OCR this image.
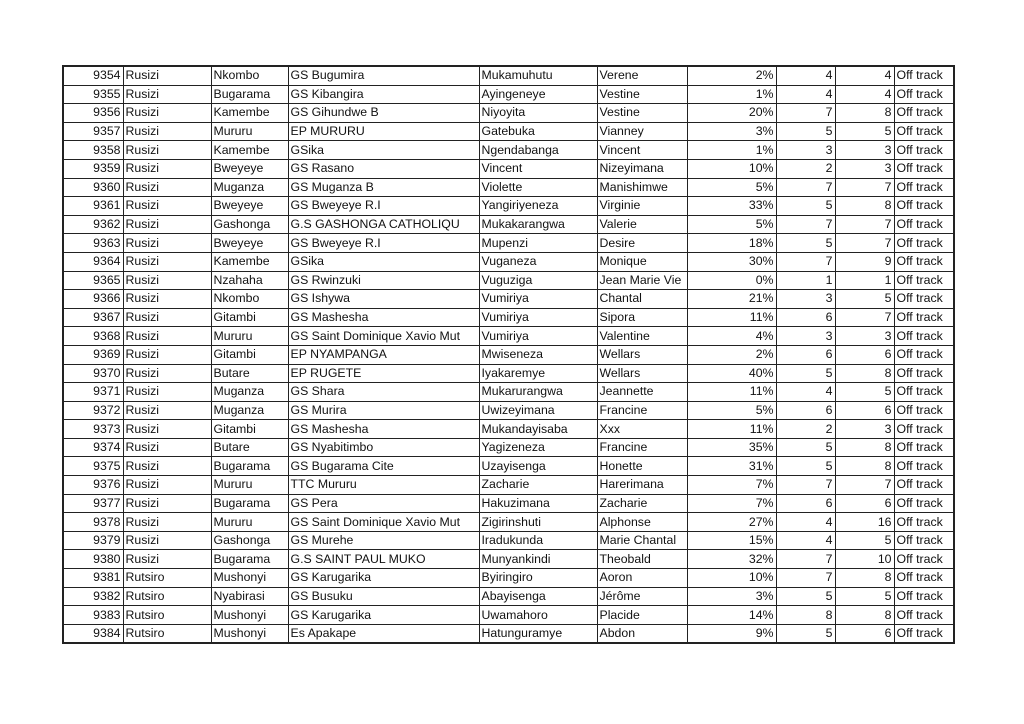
9354	Rusizi	Nkombo	GS Bugumira	Mukamuhutu	Verene	2%	4	4	Off track
9355	Rusizi	Bugarama	GS Kibangira	Ayingeneye	Vestine	1%	4	4	Off track
9356	Rusizi	Kamembe	GS Gihundwe B	Niyoyita	Vestine	20%	7	8	Off track
9357	Rusizi	Mururu	EP MURURU	Gatebuka	Vianney	3%	5	5	Off track
9358	Rusizi	Kamembe	GSika	Ngendabanga	Vincent	1%	3	3	Off track
9359	Rusizi	Bweyeye	GS Rasano	Vincent	Nizeyimana	10%	2	3	Off track
9360	Rusizi	Muganza	GS Muganza B	Violette	Manishimwe	5%	7	7	Off track
9361	Rusizi	Bweyeye	GS Bweyeye R.I	Yangiriyeneza	Virginie	33%	5	8	Off track
9362	Rusizi	Gashonga	G.S GASHONGA CATHOLIQU	Mukakarangwa	Valerie	5%	7	7	Off track
9363	Rusizi	Bweyeye	GS Bweyeye R.I	Mupenzi	Desire	18%	5	7	Off track
9364	Rusizi	Kamembe	GSika	Vuganeza	Monique	30%	7	9	Off track
9365	Rusizi	Nzahaha	GS Rwinzuki	Vuguziga	Jean Marie Vie	0%	1	1	Off track
9366	Rusizi	Nkombo	GS Ishywa	Vumiriya	Chantal	21%	3	5	Off track
9367	Rusizi	Gitambi	GS Mashesha	Vumiriya	Sipora	11%	6	7	Off track
9368	Rusizi	Mururu	GS Saint Dominique Xavio Mut	Vumiriya	Valentine	4%	3	3	Off track
9369	Rusizi	Gitambi	EP NYAMPANGA	Mwiseneza	Wellars	2%	6	6	Off track
9370	Rusizi	Butare	EP RUGETE	Iyakaremye	Wellars	40%	5	8	Off track
9371	Rusizi	Muganza	GS Shara	Mukarurangwa	Jeannette	11%	4	5	Off track
9372	Rusizi	Muganza	GS Murira	Uwizeyimana	Francine	5%	6	6	Off track
9373	Rusizi	Gitambi	GS Mashesha	Mukandayisaba	Xxx	11%	2	3	Off track
9374	Rusizi	Butare	GS Nyabitimbo	Yagizeneza	Francine	35%	5	8	Off track
9375	Rusizi	Bugarama	GS Bugarama Cite	Uzayisenga	Honette	31%	5	8	Off track
9376	Rusizi	Mururu	TTC Mururu	Zacharie	Harerimana	7%	7	7	Off track
9377	Rusizi	Bugarama	GS Pera	Hakuzimana	Zacharie	7%	6	6	Off track
9378	Rusizi	Mururu	GS Saint Dominique Xavio Mut	Zigirinshuti	Alphonse	27%	4	16	Off track
9379	Rusizi	Gashonga	GS Murehe	Iradukunda	Marie Chantal	15%	4	5	Off track
9380	Rusizi	Bugarama	G.S SAINT PAUL MUKO	Munyankindi	Theobald	32%	7	10	Off track
9381	Rutsiro	Mushonyi	GS Karugarika	Byiringiro	Aoron	10%	7	8	Off track
9382	Rutsiro	Nyabirasi	GS Busuku	Abayisenga	Jérôme	3%	5	5	Off track
9383	Rutsiro	Mushonyi	GS Karugarika	Uwamahoro	Placide	14%	8	8	Off track
9384	Rutsiro	Mushonyi	Es Apakape	Hatunguramye	Abdon	9%	5	6	Off track
